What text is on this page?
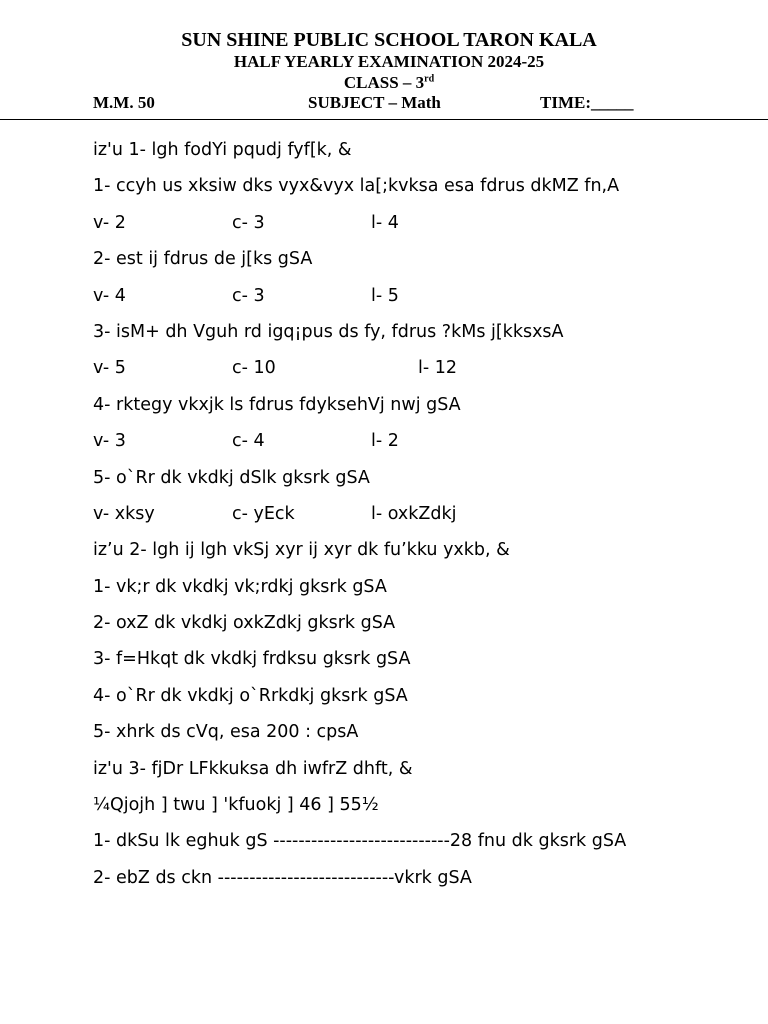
SUN SHINE PUBLIC SCHOOL TARON KALA
HALF YEARLY EXAMINATION 2024-25
CLASS – 3rd
M.M. 50	SUBJECT – Math	TIME:_____
iz'u 1- lgh fodYi pqudj fyf[k, &
1- ccyh us xksiw dks vyx&vyx la[;kvksa esa fdrus dkMZ fn,A
v- 2	c- 3	l- 4
2- est ij fdrus de j[ks gSA
v- 4	c- 3	l- 5
3- isM+ dh Vguh rd igq¡pus ds fy, fdrus ?kMs j[kksxsA
v- 5	c- 10	l- 12
4- rktegy vkxjk ls fdrus fdyksehVj nwj gSA
v- 3	c- 4	l- 2
5- o`Rr dk vkdkj dSlk gksrk gSA
v- xksy	c- yEck	l- oxkZdkj
iz’u 2- lgh ij lgh vkSj xyr ij xyr dk fu’kku yxkb, &
1- vk;r dk vkdkj vk;rdkj gksrk gSA
2- oxZ dk vkdkj oxkZdkj gksrk gSA
3- f=Hkqt dk vkdkj frdksu gksrk gSA
4- o`Rr dk vkdkj o`Rrkdkj gksrk gSA
5- xhrk ds cVq, esa 200 : cpsA
iz'u 3- fjDr LFkkuksa dh iwfrZ dhft, &
¼Qjojh ] twu ] 'kfuokj ] 46 ] 55½
1- dkSu lk eghuk gS ----------------------------28 fnu dk gksrk gSA
2- ebZ ds ckn ----------------------------vkrk gSA
